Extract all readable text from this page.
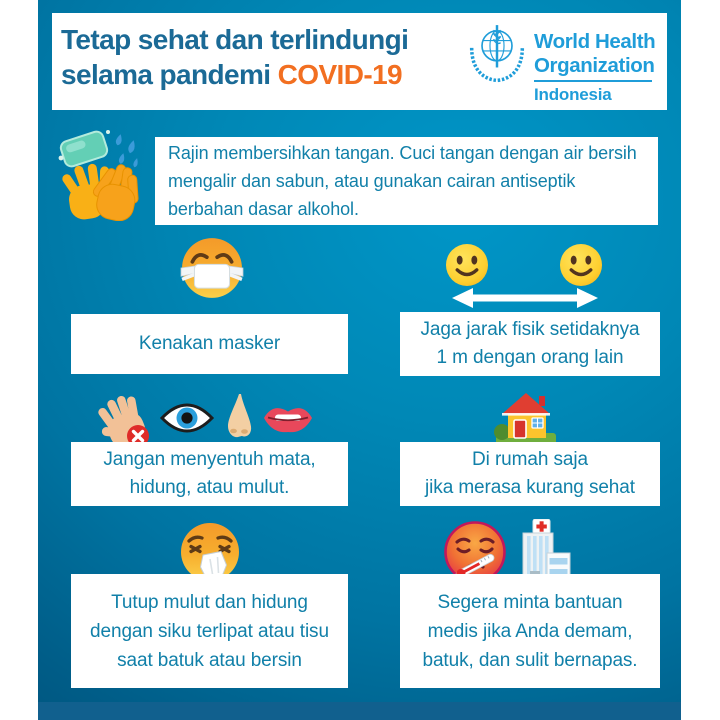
Tetap sehat dan terlindungi
selama pandemi COVID-19
World Health
Organization
Indonesia
Rajin membersihkan tangan. Cuci tangan dengan air bersih
mengalir dan sabun, atau gunakan cairan antiseptik
berbahan dasar alkohol.
Kenakan masker
Jaga jarak fisik setidaknya
1 m dengan orang lain
Jangan menyentuh mata,
hidung, atau mulut.
Di rumah saja
jika merasa kurang sehat
Tutup mulut dan hidung
dengan siku terlipat atau tisu
saat batuk atau bersin
Segera minta bantuan
medis jika Anda demam,
batuk, dan sulit bernapas.
